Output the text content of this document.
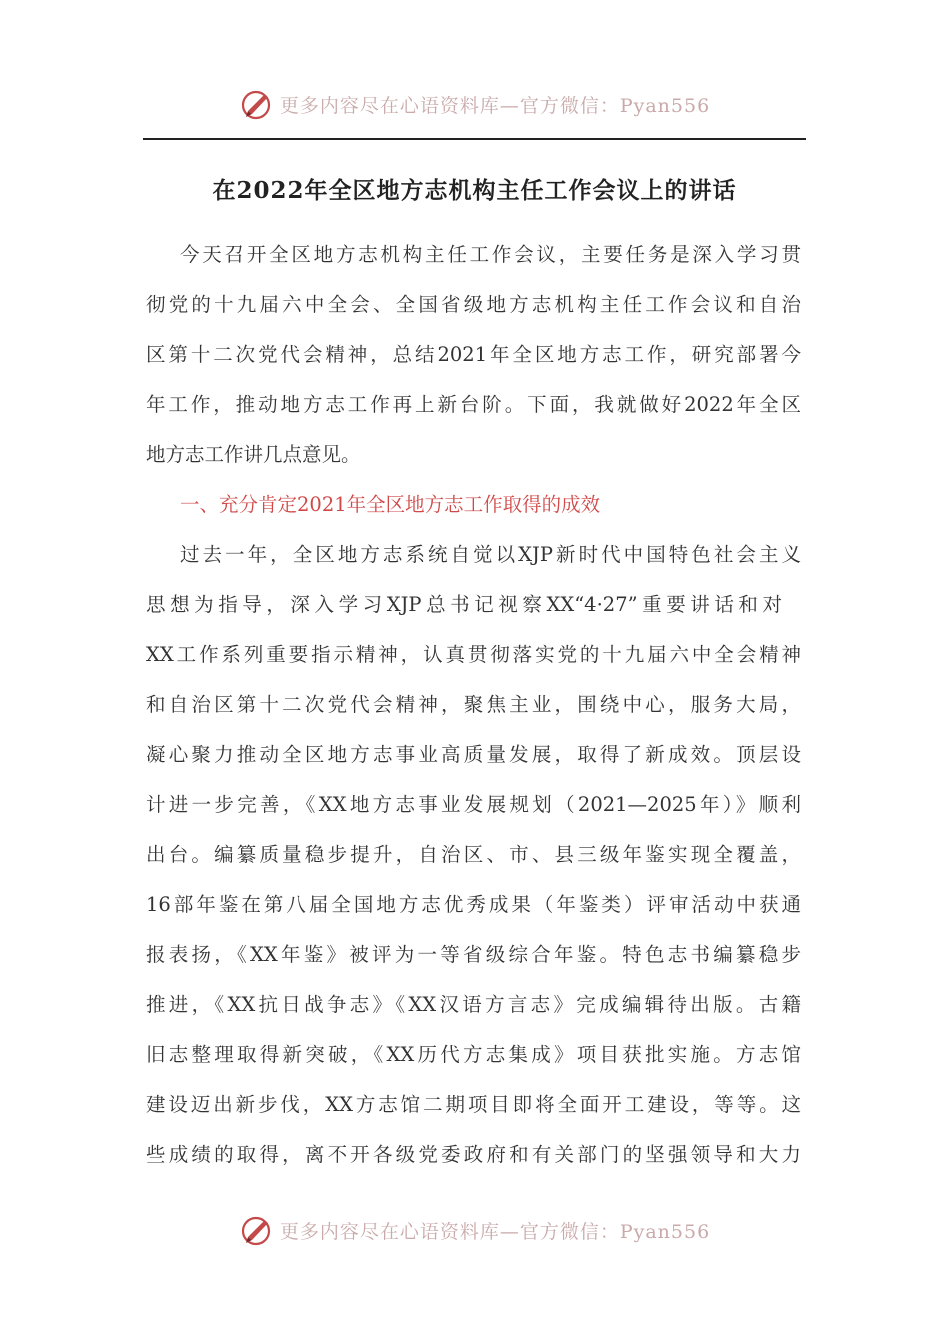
更多内容尽在心语资料库—官方微信：Pyan556
在2022年全区地方志机构主任工作会议上的讲话
今天召开全区地方志机构主任工作会议，主要任务是深入学习贯
彻党的十九届六中全会、全国省级地方志机构主任工作会议和自治
区第十二次党代会精神，总结2021年全区地方志工作，研究部署今
年工作，推动地方志工作再上新台阶。下面，我就做好2022年全区
地方志工作讲几点意见。
一、充分肯定2021年全区地方志工作取得的成效
过去一年，全区地方志系统自觉以XJP新时代中国特色社会主义
思想为指导，深入学习XJP总书记视察XX“4·27”重要讲话和对
XX工作系列重要指示精神，认真贯彻落实党的十九届六中全会精神
和自治区第十二次党代会精神，聚焦主业，围绕中心，服务大局，
凝心聚力推动全区地方志事业高质量发展，取得了新成效。顶层设
计进一步完善，《XX地方志事业发展规划（2021—2025年）》顺利
出台。编纂质量稳步提升，自治区、市、县三级年鉴实现全覆盖，
16部年鉴在第八届全国地方志优秀成果（年鉴类）评审活动中获通
报表扬，《XX年鉴》被评为一等省级综合年鉴。特色志书编纂稳步
推进，《XX抗日战争志》《XX汉语方言志》完成编辑待出版。古籍
旧志整理取得新突破，《XX历代方志集成》项目获批实施。方志馆
建设迈出新步伐，XX方志馆二期项目即将全面开工建设，等等。这
些成绩的取得，离不开各级党委政府和有关部门的坚强领导和大力
更多内容尽在心语资料库—官方微信：Pyan556
